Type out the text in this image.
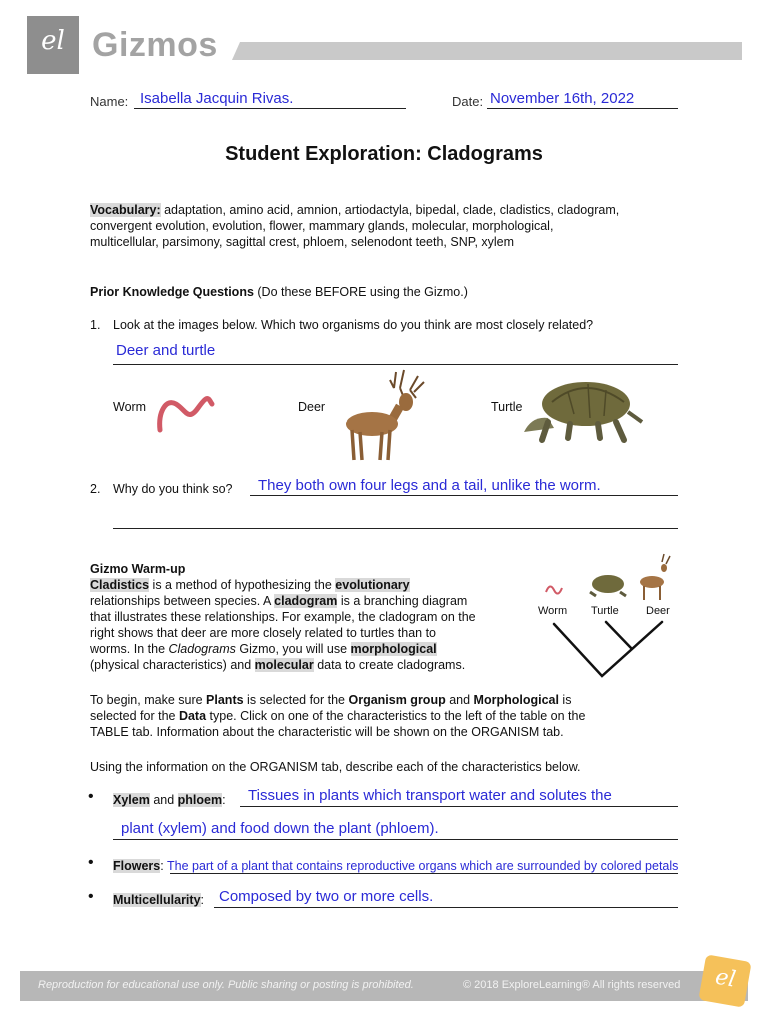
el Gizmos
Name: Isabella Jacquin Rivas.	Date: November 16th, 2022
Student Exploration: Cladograms
Vocabulary: adaptation, amino acid, amnion, artiodactyla, bipedal, clade, cladistics, cladogram,
convergent evolution, evolution, flower, mammary glands, molecular, morphological,
multicellular, parsimony, sagittal crest, phloem, selenodont teeth, SNP, xylem
Prior Knowledge Questions (Do these BEFORE using the Gizmo.)
1. Look at the images below. Which two organisms do you think are most closely related?
Deer and turtle
Worm	Deer	Turtle
2. Why do you think so? They both own four legs and a tail, unlike the worm.
Gizmo Warm-up
Cladistics is a method of hypothesizing the evolutionary
relationships between species. A cladogram is a branching diagram
that illustrates these relationships. For example, the cladogram on the
right shows that deer are more closely related to turtles than to
worms. In the Cladograms Gizmo, you will use morphological
(physical characteristics) and molecular data to create cladograms.
Worm Turtle Deer
To begin, make sure Plants is selected for the Organism group and Morphological is
selected for the Data type. Click on one of the characteristics to the left of the table on the
TABLE tab. Information about the characteristic will be shown on the ORGANISM tab.
Using the information on the ORGANISM tab, describe each of the characteristics below.
• Xylem and phloem: Tissues in plants which transport water and solutes the
plant (xylem) and food down the plant (phloem).
• Flowers: The part of a plant that contains reproductive organs which are surrounded by colored petals
• Multicellularity: Composed by two or more cells.
Reproduction for educational use only. Public sharing or posting is prohibited.	© 2018 ExploreLearning® All rights reserved	el
